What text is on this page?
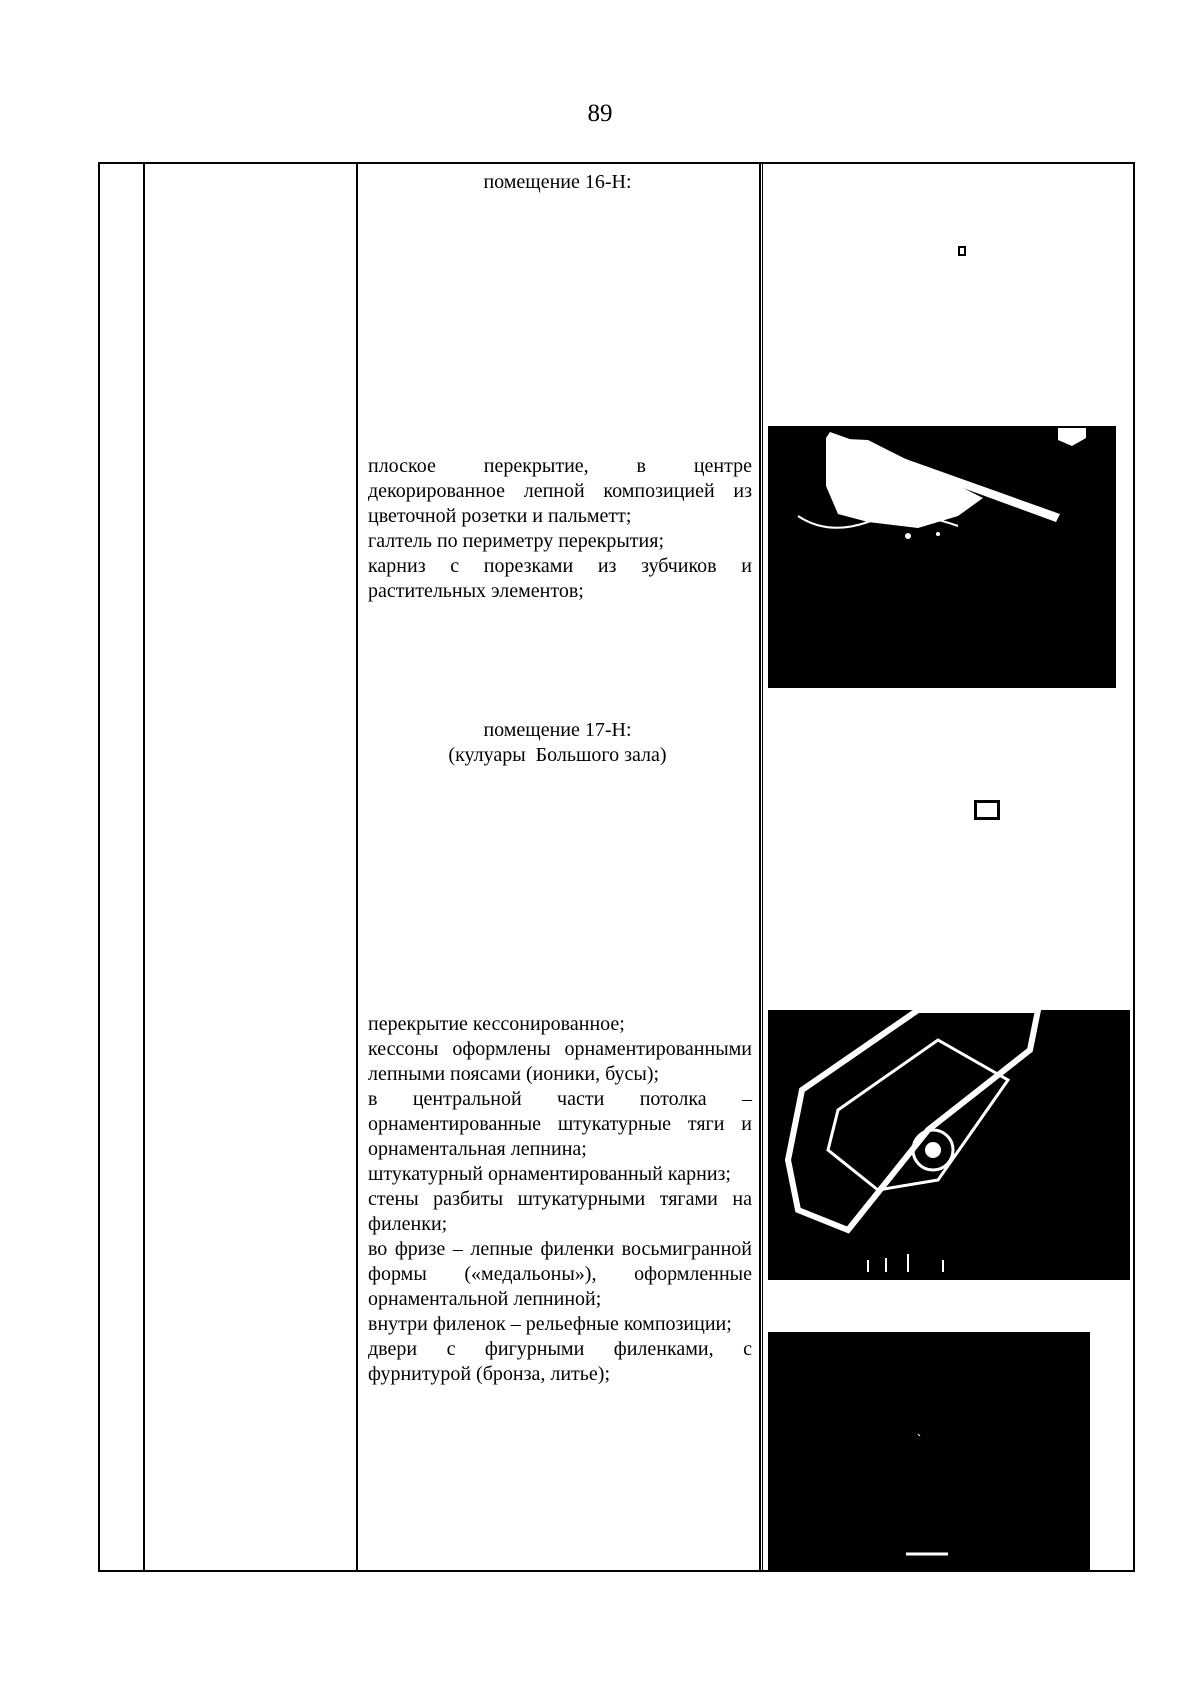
89
помещение 16-Н:
плоское перекрытие, в центре декорированное лепной композицией из цветочной розетки и пальметт;
галтель по периметру перекрытия;
карниз с порезками из зубчиков и растительных элементов;
помещение 17-Н:
(кулуары  Большого зала)
перекрытие кессонированное;
кессоны оформлены орнаментированными лепными поясами (ионики, бусы);
в центральной части потолка – орнаментированные штукатурные тяги и орнаментальная лепнина;
штукатурный орнаментированный карниз;
стены разбиты штукатурными тягами на филенки;
во фризе – лепные филенки восьмигранной формы («медальоны»), оформленные орнаментальной лепниной;
внутри филенок – рельефные композиции;
двери с фигурными филенками, с фурнитурой (бронза, литье);
